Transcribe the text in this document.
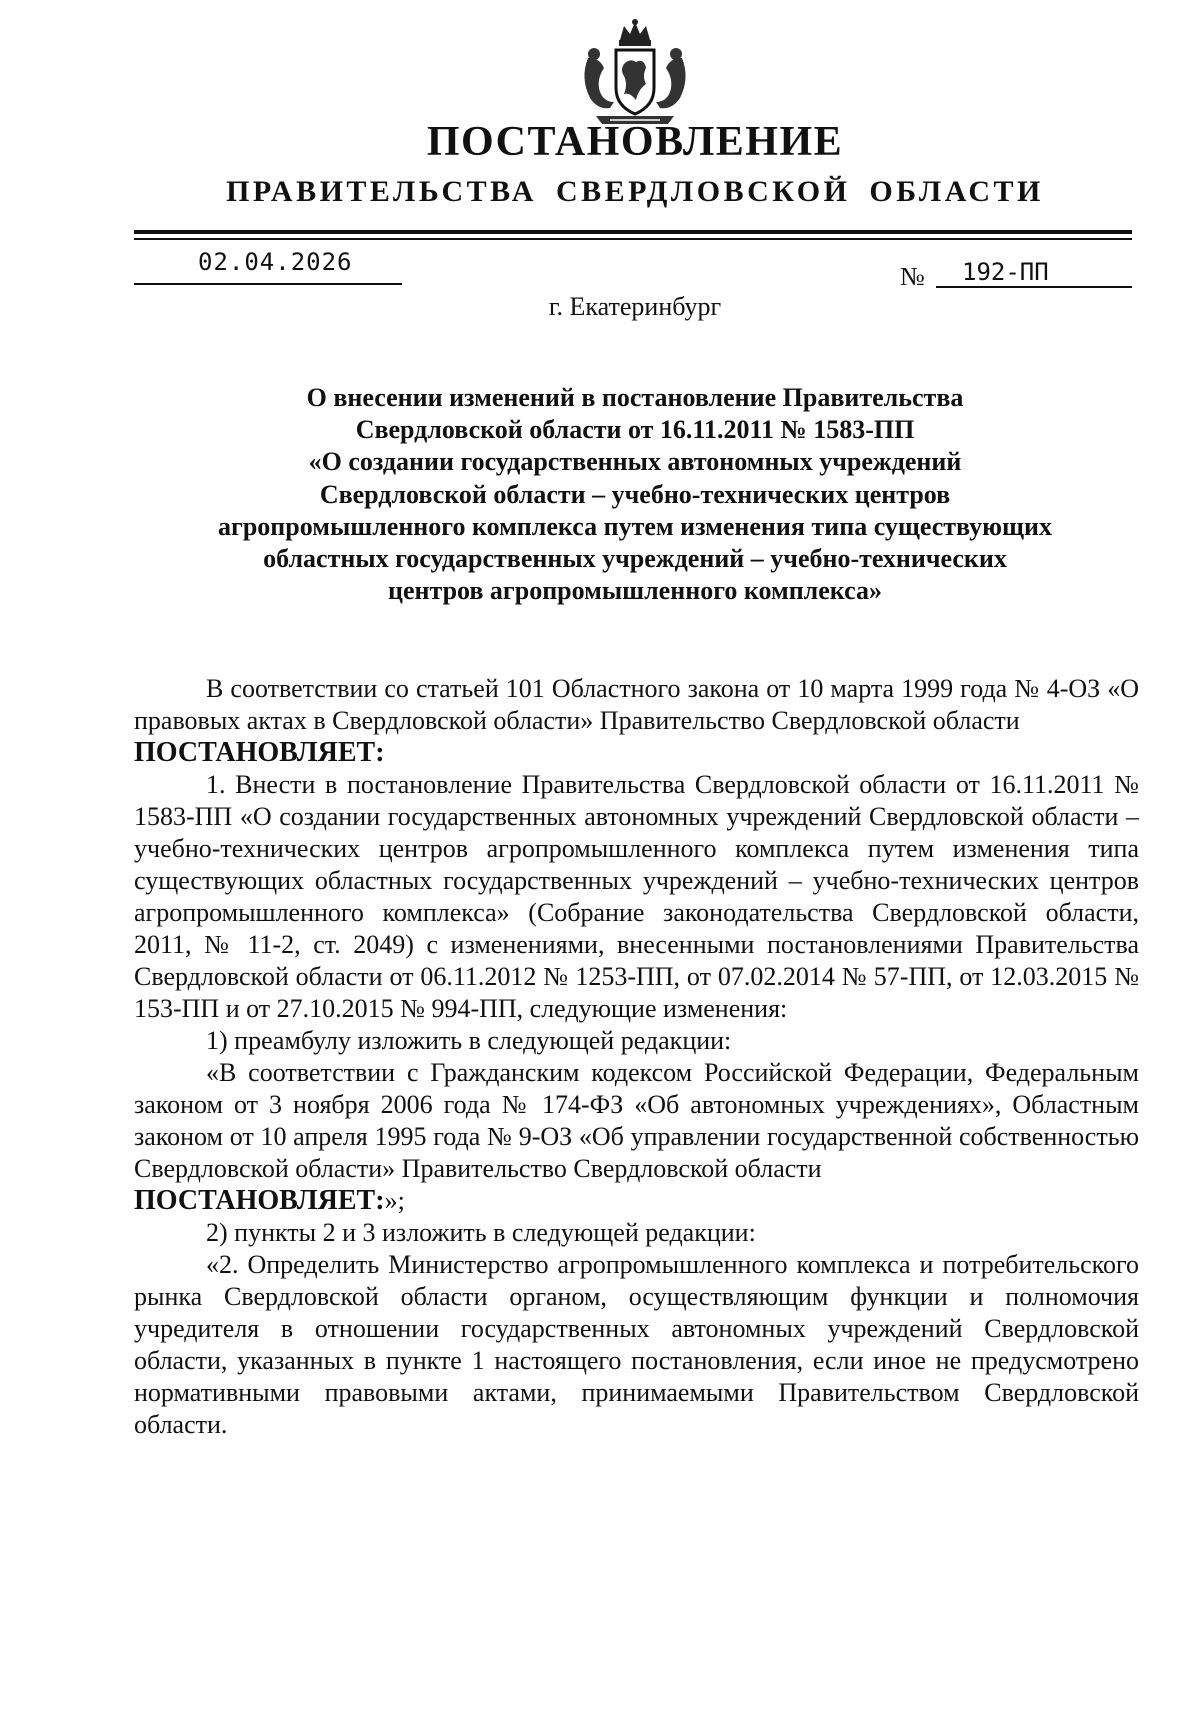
ПОСТАНОВЛЕНИЕ
ПРАВИТЕЛЬСТВА СВЕРДЛОВСКОЙ ОБЛАСТИ
02.04.2026	№ 192-ПП
г. Екатеринбург
О внесении изменений в постановление Правительства
Свердловской области от 16.11.2011 № 1583-ПП
«О создании государственных автономных учреждений
Свердловской области – учебно-технических центров
агропромышленного комплекса путем изменения типа существующих
областных государственных учреждений – учебно-технических
центров агропромышленного комплекса»

В соответствии со статьей 101 Областного закона от 10 марта 1999 года № 4-ОЗ «О правовых актах в Свердловской области» Правительство Свердловской области

ПОСТАНОВЛЯЕТ:

1. Внести в постановление Правительства Свердловской области от 16.11.2011 № 1583-ПП «О создании государственных автономных учреждений Свердловской области – учебно-технических центров агропромышленного комплекса путем изменения типа существующих областных государственных учреждений – учебно-технических центров агропромышленного комплекса» (Собрание законодательства Свердловской области, 2011, № 11-2, ст. 2049) с изменениями, внесенными постановлениями Правительства Свердловской области от 06.11.2012 № 1253-ПП, от 07.02.2014 № 57-ПП, от 12.03.2015 № 153-ПП и от 27.10.2015 № 994-ПП, следующие изменения:

1) преамбулу изложить в следующей редакции:

«В соответствии с Гражданским кодексом Российской Федерации, Федеральным законом от 3 ноября 2006 года № 174-ФЗ «Об автономных учреждениях», Областным законом от 10 апреля 1995 года № 9-ОЗ «Об управлении государственной собственностью Свердловской области» Правительство Свердловской области

ПОСТАНОВЛЯЕТ:»;

2) пункты 2 и 3 изложить в следующей редакции:

«2. Определить Министерство агропромышленного комплекса и потребительского рынка Свердловской области органом, осуществляющим функции и полномочия учредителя в отношении государственных автономных учреждений Свердловской области, указанных в пункте 1 настоящего постановления, если иное не предусмотрено нормативными правовыми актами, принимаемыми Правительством Свердловской области.
